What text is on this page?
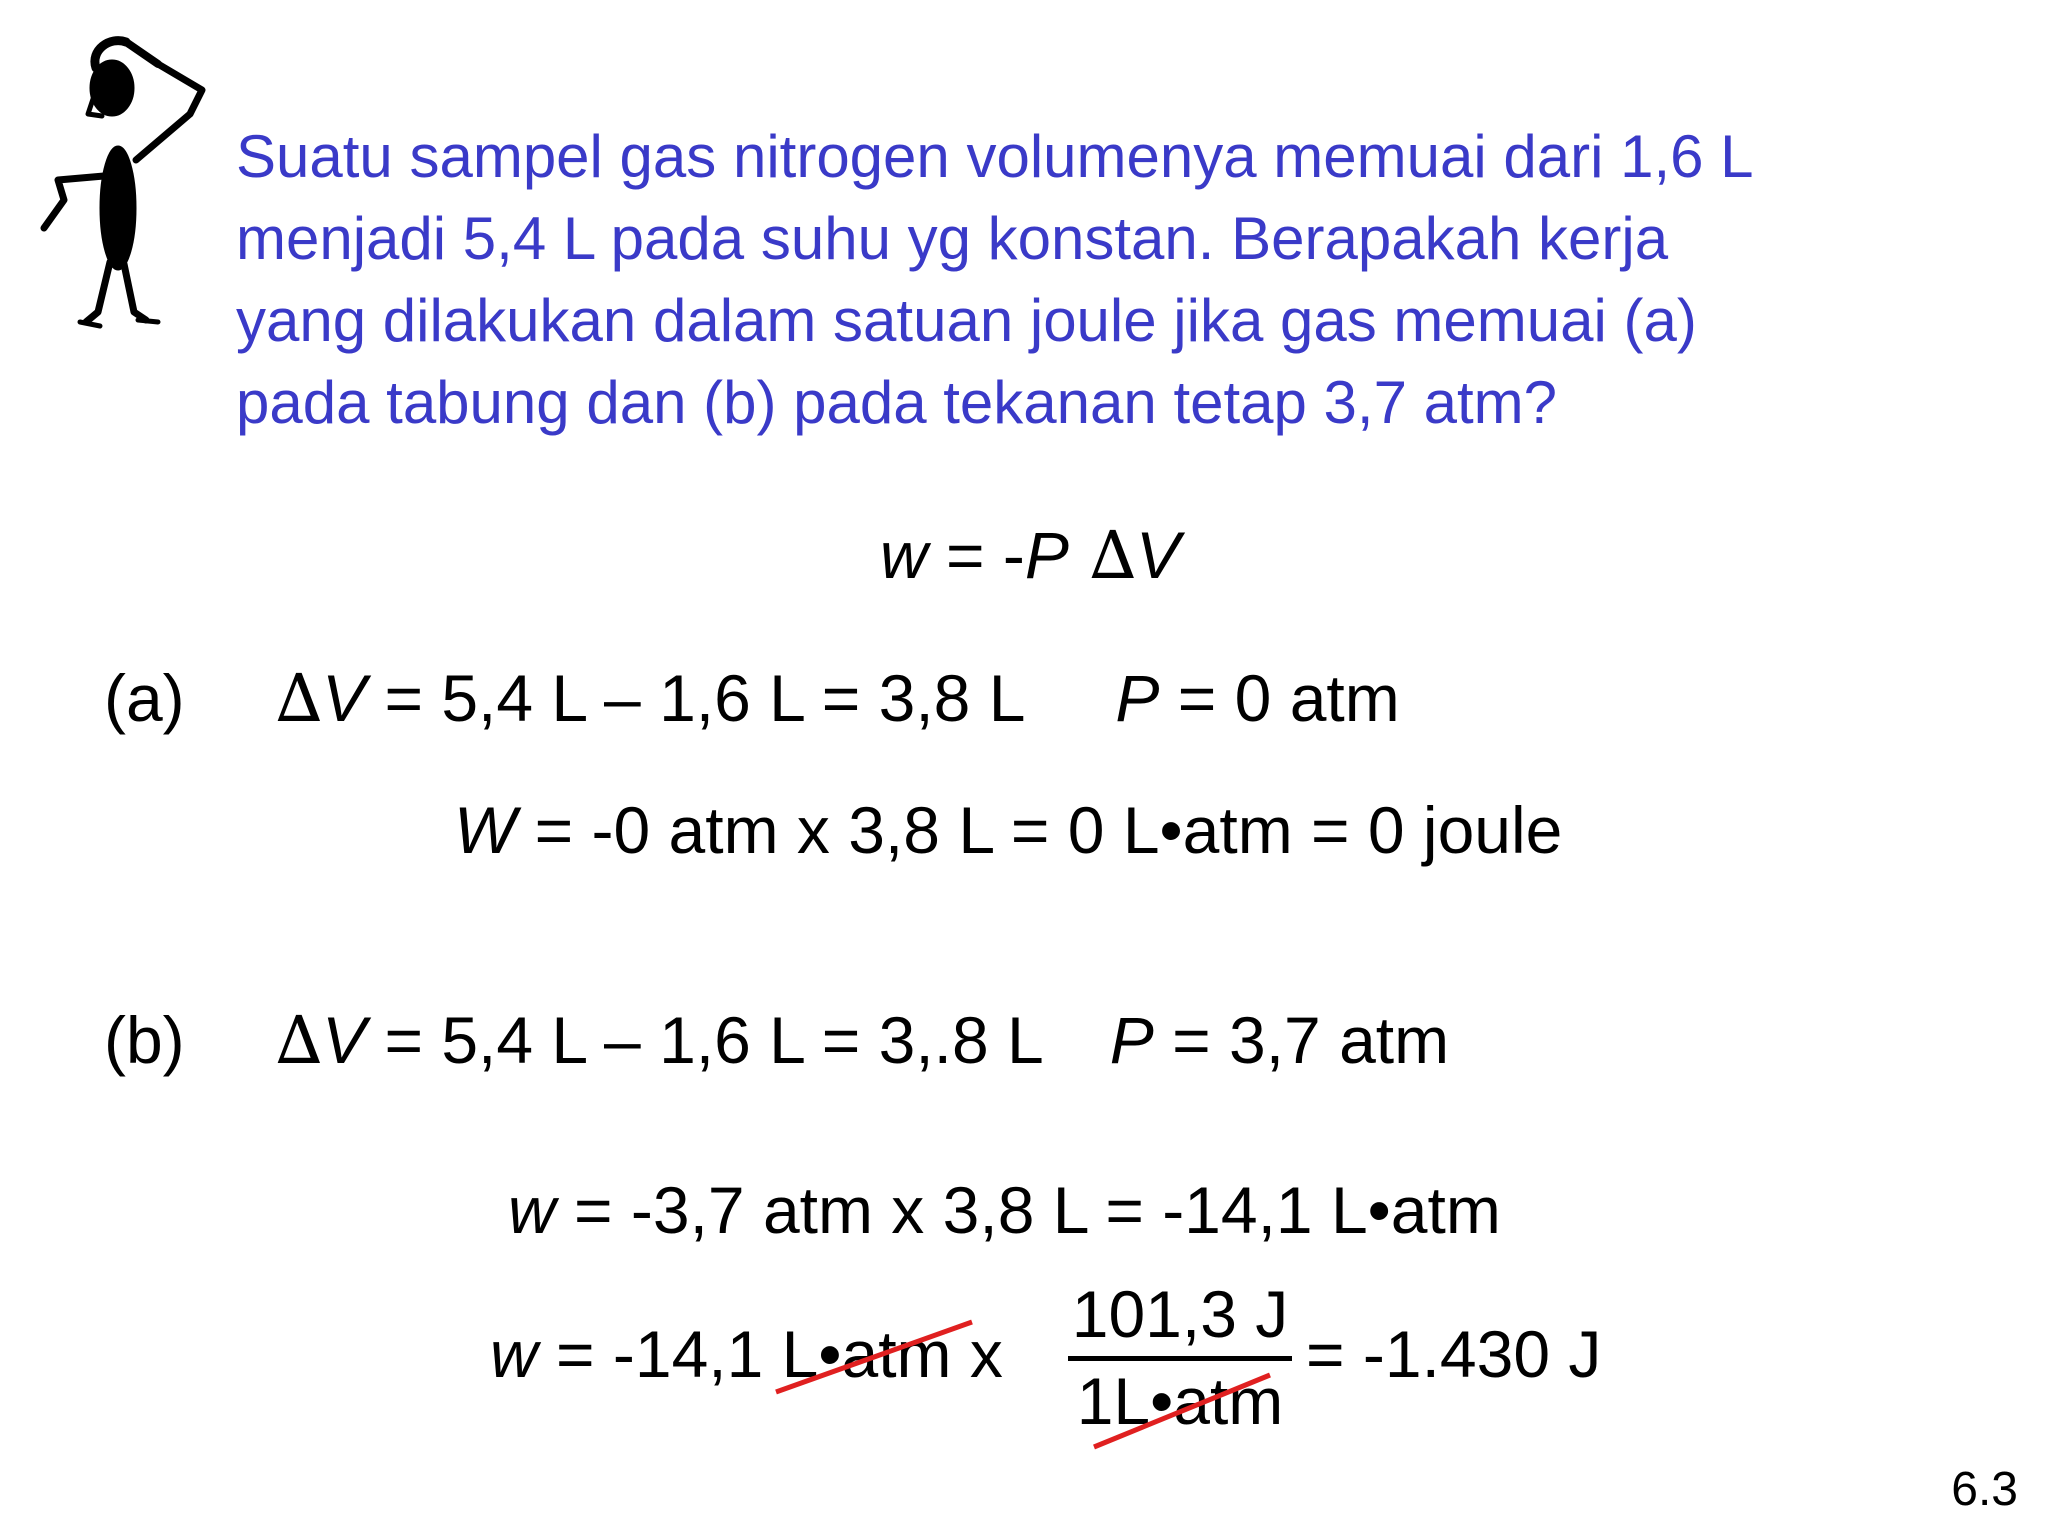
Suatu sampel gas nitrogen volumenya memuai dari 1,6 L
menjadi 5,4 L pada suhu yg konstan. Berapakah kerja
yang dilakukan dalam satuan joule jika gas memuai (a)
pada tabung dan (b) pada tekanan tetap 3,7 atm?
w = -P ∆V
(a) ∆V = 5,4 L – 1,6 L = 3,8 L P = 0 atm
W = -0 atm x 3,8 L = 0 L•atm = 0 joule
(b) ∆V = 5,4 L – 1,6 L = 3,.8 L P = 3,7 atm
w = -3,7 atm x 3,8 L = -14,1 L•atm
w = -14,1 L•atm
x
101,3 J
1L•atm
= -1.430 J
6.3
